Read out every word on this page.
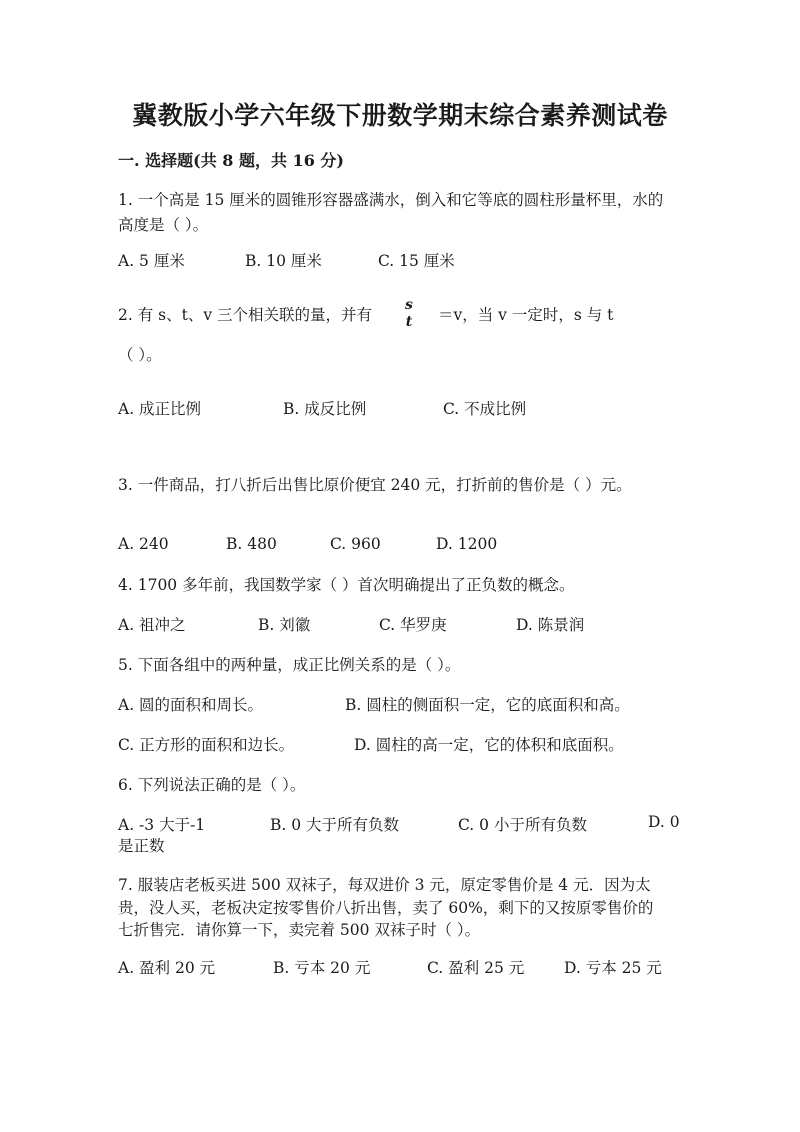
冀教版小学六年级下册数学期末综合素养测试卷
一. 选择题(共 8 题，共 16 分)
1. 一个高是 15 厘米的圆锥形容器盛满水，倒入和它等底的圆柱形量杯里，水的
高度是（ ）。
A. 5 厘米	B. 10 厘米	C. 15 厘米
2. 有 s、t、v 三个相关联的量，并有
s
t	＝v，当 v 一定时，s 与 t
（ ）。
A. 成正比例	B. 成反比例	C. 不成比例
3. 一件商品，打八折后出售比原价便宜 240 元，打折前的售价是（ ）元。
A. 240	B. 480	C. 960	D. 1200
4. 1700 多年前，我国数学家（ ）首次明确提出了正负数的概念。
A. 祖冲之	B. 刘徽	C. 华罗庚	D. 陈景润
5. 下面各组中的两种量，成正比例关系的是（ ）。
A. 圆的面积和周长。	B. 圆柱的侧面积一定，它的底面积和高。
C. 正方形的面积和边长。	D. 圆柱的高一定，它的体积和底面积。
6. 下列说法正确的是（ ）。
A. -3 大于-1	B. 0 大于所有负数	C. 0 小于所有负数	D. 0
是正数
7. 服装店老板买进 500 双袜子，每双进价 3 元，原定零售价是 4 元．因为太
贵，没人买，老板决定按零售价八折出售，卖了 60%，剩下的又按原零售价的
七折售完．请你算一下，卖完着 500 双袜子时（ ）。
A. 盈利 20 元	B. 亏本 20 元	C. 盈利 25 元	D. 亏本 25 元
